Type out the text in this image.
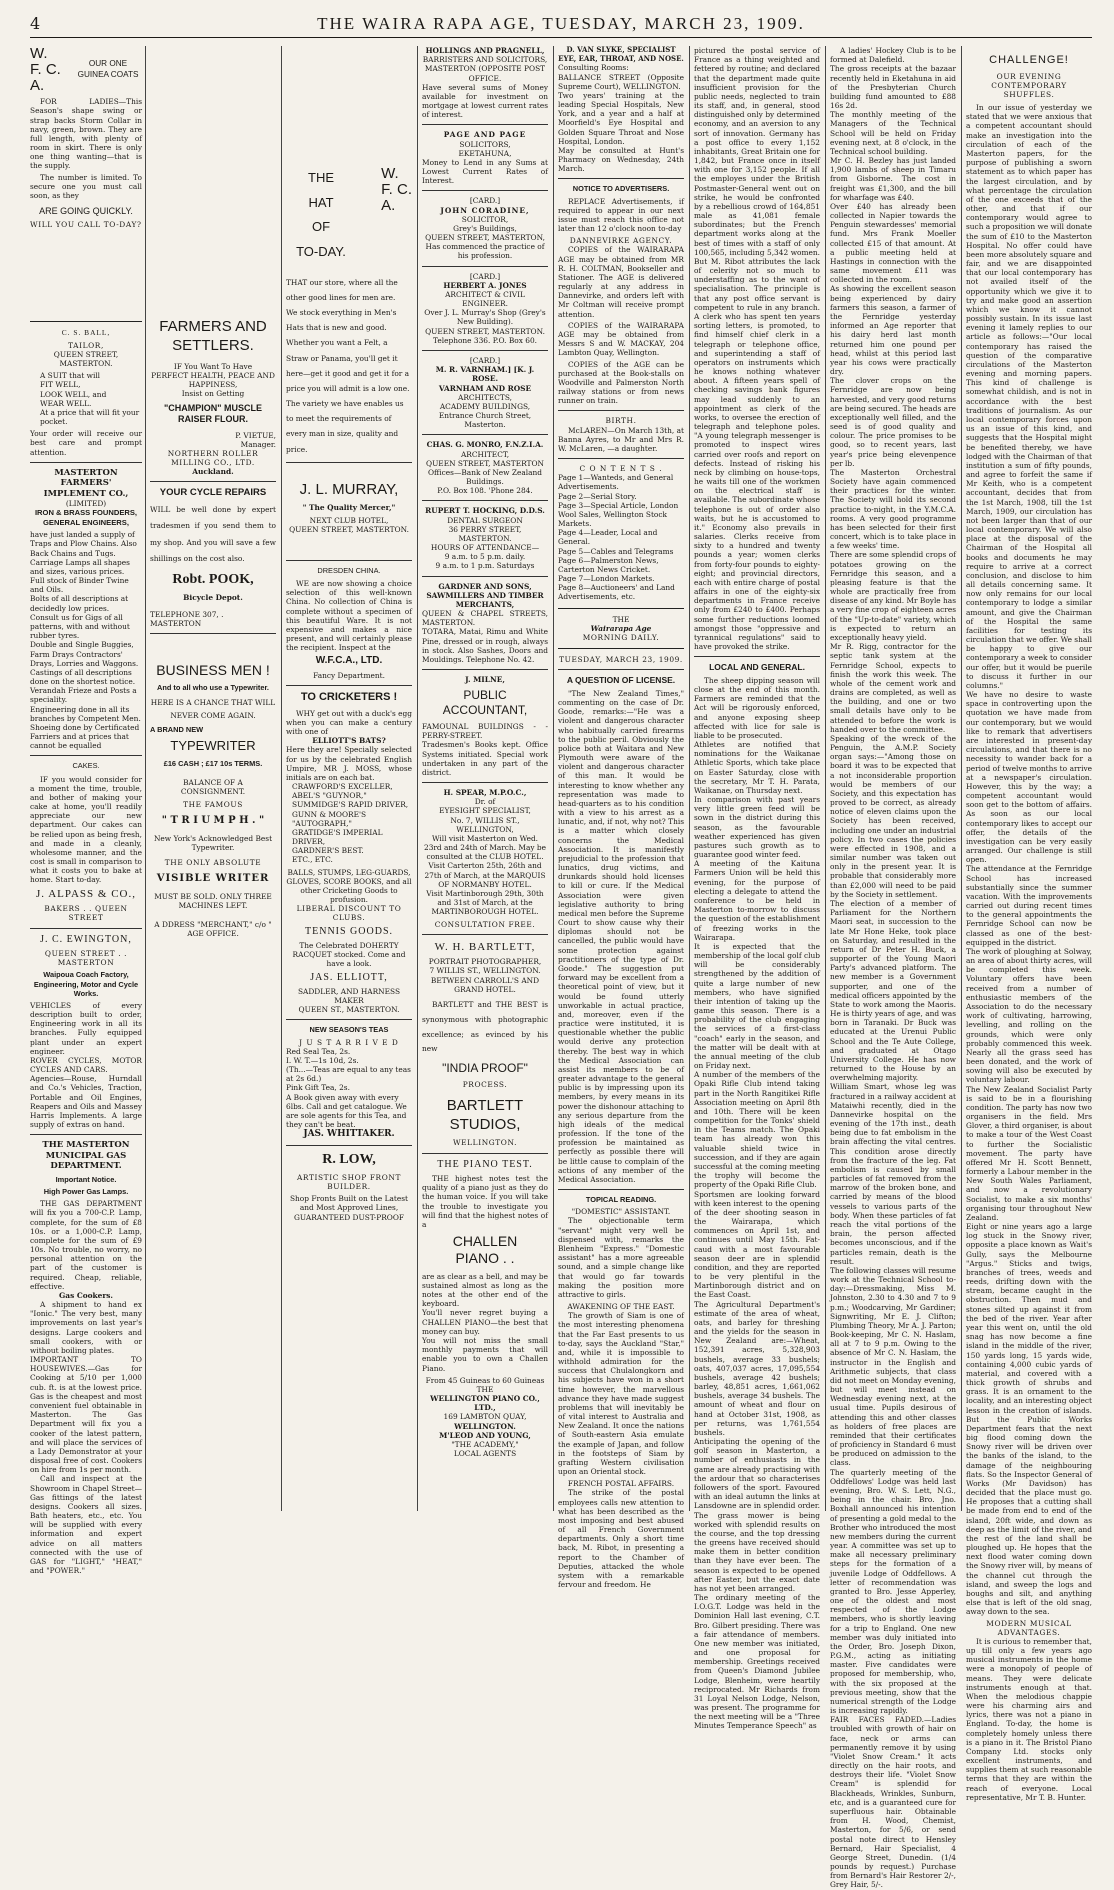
4	THE WAIRA RAPA AGE, TUESDAY, MARCH 23, 1909.
W.
F. C.
A.
OUR ONE GUINEA COATS

FOR LADIES—This Season's shape swing or strap backs Storm Collar in navy, green, brown. They are full length, with plenty of room in skirt. There is only one thing wanting—that is the supply.

The number is limited. To secure one you must call soon, as they

ARE GOING QUICKLY.
WILL YOU CALL TO-DAY?
C. S. BALL,
TAILOR,
QUEEN STREET, MASTERTON.

A SUIT that will
FIT WELL,
LOOK WELL, and
WEAR WELL.
At a price that will fit your pocket.

Your order will receive our best care and prompt attention.

MASTERTON FARMERS' IMPLEMENT CO.,
(LIMITED)
IRON & BRASS FOUNDERS,
GENERAL ENGINEERS,

have just landed a supply of Traps and Plow Chains. Also Back Chains and Tugs.
Carriage Lamps all shapes and sizes, various prices.
Full stock of Binder Twine and Oils.
Bolts of all descriptions at decidedly low prices.
Consult us for Gigs of all patterns, with and without rubber tyres.
Double and Single Buggies, Farm Drays Contractors' Drays, Lorries and Waggons.
Castings of all descriptions done on the shortest notice.
Verandah Frieze and Posts a speciality.
Engineering done in all its branches by Competent Men.
Shoeing done by Certificated Farriers and at prices that cannot be equalled

CAKES.

IF you would consider for a moment the time, trouble, and bother of making your cake at home, you'll readily appreciate our new department. Our cakes can be relied upon as being fresh, and made in a cleanly, wholesome manner, and the cost is small in comparison to what it costs you to bake at home. Start to-day.

J. ALPASS & CO.,
BAKERS . . QUEEN STREET
J. C. EWINGTON,
QUEEN STREET . . MASTERTON
Waipoua Coach Factory, Engineering, Motor and Cycle Works.

VEHICLES of every description built to order, Engineering work in all its branches. Fully equipped plant under an expert engineer.
ROVER CYCLES, MOTOR CYCLES AND CARS.
Agencies—Rouse, Hurndall and Co.'s Vehicles, Traction, Portable and Oil Engines, Reapers and Oils and Massey Harris Implements. A large supply of extras on hand.

THE MASTERTON MUNICIPAL GAS DEPARTMENT.
Important Notice.
High Power Gas Lamps.

THE GAS DEPARTMENT will fix you a 700-C.P. Lamp, complete, for the sum of £8 10s. or a 1,000-C.P. Lamp, complete for the sum of £9 10s. No trouble, no worry, no personal attention on the part of the customer is required. Cheap, reliable, effective.

Gas Cookers.

A shipment to hand ex "Ionic." The very best, many improvements on last year's designs. Large cookers and small cookers, with or without boiling plates.
IMPORTANT TO HOUSEWIVES.—Gas for Cooking at 5/10 per 1,000 cub. ft. is at the lowest price. Gas is the cheapest and most convenient fuel obtainable in Masterton. The Gas Department will fix you a cooker of the latest pattern, and will place the services of a Lady Demonstrator at your disposal free of cost. Cookers on hire from 1s per month.

Call and inspect at the Showroom in Chapel Street—Gas fittings of the latest designs. Cookers all sizes. Bath heaters, etc., etc. You will be supplied with every information and expert advice on all matters connected with the use of GAS for "LIGHT," "HEAT," and "POWER."

FARMERS AND SETTLERS.

IF You Want To Have
PERFECT HEALTH, PEACE AND HAPPINESS,
Insist on Getting

"CHAMPION" MUSCLE RAISER FLOUR.

P. VIETUE,
Manager.

NORTHERN ROLLER MILLING CO., LTD.
Auckland.
YOUR CYCLE REPAIRS

WILL be well done by expert tradesmen if you send them to my shop. And you will save a few shillings on the cost also.

Robt. POOK,
Bicycle Depot.
TELEPHONE 307, . MASTERTON
BUSINESS MEN !
And to all who use a Typewriter.

HERE IS A CHANCE THAT WILL NEVER COME AGAIN.

A BRAND NEW
TYPEWRITER
£16 CASH ; £17 10s TERMS.
BALANCE OF A CONSIGNMENT.
THE FAMOUS
" T R I U M P H . "

New York's Acknowledged Best Typewriter.

THE ONLY ABSOLUTE
VISIBLE WRITER

MUST BE SOLD. ONLY THREE MACHINES LEFT.

A DDRESS "MERCHANT," c/o " AGE OFFICE.

THE
HAT
OF
TO-DAY.
W.
F. C.
A.

THAT our store, where all the other good lines for men are.
We stock everything in Men's Hats that is new and good.
Whether you want a Felt, a Straw or Panama, you'll get it here—get it good and get it for a price you will admit is a low one.
The variety we have enables us to meet the requirements of every man in size, quality and price.

J. L. MURRAY,
" The Quality Mercer,"

NEXT CLUB HOTEL,
QUEEN STREET, MASTERTON.

DRESDEN CHINA.

WE are now showing a choice selection of this well-known China. No collection of China is complete without a specimen of this beautiful Ware. It is not expensive and makes a nice present, and will certainly please the recipient. Inspect at the

W.F.C.A., LTD.
Fancy Department.
TO CRICKETERS !

WHY get out with a duck's egg when you can make a century with one of

ELLIOTT'S BATS?

Here they are! Specially selected for us by the celebrated English Umpire, MR J. MOSS, whose initials are on each bat.

CRAWFORD'S EXCELLER,
ABEL'S "GUYNOR,"
SUMMIDGE'S RAPID DRIVER,
GUNN & MOORE'S "AUTOGRAPH,"
GRATIDGE'S IMPERIAL DRIVER,
GARDNER'S BEST.
ETC., ETC.

BALLS, STUMPS, LEG-GUARDS, GLOVES, SCORE BOOKS, and all other Cricketing Goods to profusion.

LIBERAL DISCOUNT TO CLUBS.
TENNIS GOODS.

The Celebrated DOHERTY RACQUET stocked. Come and have a look.

JAS. ELLIOTT,

SADDLER, AND HARNESS MAKER
QUEEN ST., MASTERTON.

NEW SEASON'S TEAS
J U S T A R R I V E D

Red Seal Tea, 2s.
I. W. T.—1s 10d, 2s.
(Th...—Teas are equal to any teas at 2s 6d.)
Pink Gift Tea, 2s.
A Book given away with every 6lbs. Call and get catalogue. We are sole agents for this Tea, and they can't be beat.

JAS. WHITTAKER.
R. LOW,

ARTISTIC SHOP FRONT
BUILDER.

Shop Fronts Built on the Latest and Most Approved Lines,
GUARANTEED DUST-PROOF

HOLLINGS AND PRAGNELL,

BARRISTERS AND SOLICITORS,
MASTERTON (OPPOSITE POST OFFICE.

Have several sums of Money available for investment on mortgage at lowest current rates of interest.

PAGE AND PAGE

SOLICITORS,
EKETAHUNA,

Money to Lend in any Sums at Lowest Current Rates of Interest.

[CARD.]
JOHN CORADINE,

SOLICITOR,
Grey's Buildings,
QUEEN STREET, MASTERTON,
Has commenced the practice of his profession.

[CARD.]
HERBERT A. JONES

ARCHITECT & CIVIL ENGINEER.
Over J. L. Murray's Shop (Grey's New Building).
QUEEN STREET, MASTERTON.
Telephone 336. P.O. Box 60.

[CARD.]

M. R. VARNHAM.] [K. J. ROSE.
VARNHAM AND ROSE

ARCHITECTS,
ACADEMY BUILDINGS,
Entrance Church Street, Masterton.

CHAS. G. MONRO, F.N.Z.I.A.

ARCHITECT,
QUEEN STREET, MASTERTON
Offices—Bank of New Zealand Buildings.
P.O. Box 108. 'Phone 284.

RUPERT T. HOCKING, D.D.S.

DENTAL SURGEON
36 PERRY STREET, MASTERTON.
HOURS OF ATTENDANCE—
9 a.m. to 5 p.m. daily.
9 a.m. to 1 p.m. Saturdays

GARDNER AND SONS, SAWMILLERS AND TIMBER MERCHANTS,

QUEEN & CHAPEL STREETS, MASTERTON.
TOTARA, Matai, Rimu and White Pine, dressed or in rough, always in stock. Also Sashes, Doors and Mouldings. Telephone No. 42.

J. MILNE,
PUBLIC ACCOUNTANT,

FAMOUNAL BUILDINGS - - PERRY-STREET.
Tradesmen's Books kept. Office Systems initiated. Special work undertaken in any part of the district.

H. SPEAR, M.P.O.C.,

Dr. of
EYESIGHT SPECIALIST,
No. 7, WILLIS ST., WELLINGTON,
Will visit Masterton on Wed. 23rd and 24th of March. May be consulted at the CLUB HOTEL.
Visit Carterton 25th, 26th and 27th of March, at the MARQUIS OF NORMANBY HOTEL.
Visit Martinborough 29th, 30th and 31st of March, at the MARTINBOROUGH HOTEL.

CONSULTATION FREE.
W. H. BARTLETT,

PORTRAIT PHOTOGRAPHER,
7 WILLIS ST., WELLINGTON.

BETWEEN CARROLL'S AND GRAND HOTEL.

BARTLETT and THE BEST is synonymous with photographic excellence; as evinced by his new

"INDIA PROOF"
PROCESS.

BARTLETT
STUDIOS,

WELLINGTON.
THE PIANO TEST.

THE highest notes test the quality of a piano just as they do the human voice. If you will take the trouble to investigate you will find that the highest notes of a

CHALLEN
PIANO . .

are as clear as a bell, and may be sustained almost as long as the notes at the other end of the keyboard.
You'll never regret buying a CHALLEN PIANO—the best that money can buy.
You will not miss the small monthly payments that will enable you to own a Challen Piano.

From 45 Guineas to 60 Guineas
THE
WELLINGTON PIANO CO., LTD.,
169 LAMBTON QUAY,
WELLINGTON.
M'LEOD AND YOUNG,

"THE ACADEMY,"
LOCAL AGENTS

D. VAN SLYKE, SPECIALIST EYE, EAR, THROAT, AND NOSE.

Consulting Rooms:
BALLANCE STREET (Opposite Supreme Court), WELLINGTON.
Two years' training at the leading Special Hospitals, New York, and a year and a half at Moorfield's Eye Hospital and Golden Square Throat and Nose Hospital, London.
May be consulted at Hunt's Pharmacy on Wednesday, 24th March.

NOTICE TO ADVERTISERS.

REPLACE Advertisements, if required to appear in our next issue must reach this office not later than 12 o'clock noon to-day

DANNEVIRKE AGENCY.

COPIES of the WAIRARAPA AGE may be obtained from MR R. H. COLTMAN, Bookseller and Stationer. The AGE is delivered regularly at any address in Dannevirke, and orders left with Mr Coltman will receive prompt attention.

COPIES of the WAIRARAPA AGE may be obtained from Messrs S and W. MACKAY, 204 Lambton Quay, Wellington.

COPIES of the AGE can be purchased at the Book-stalls on Woodville and Palmerston North railway stations or from news runner on train.

BIRTH.

McLAREN—On March 13th, at Banna Ayres, to Mr and Mrs R. W. McLaren, —a daughter.

C O N T E N T S .

Page 1—Wanteds, and General Advertisements.
Page 2—Serial Story.
Page 3—Special Article, London Wool Sales, Wellington Stock Markets.
Page 4—Leader, Local and General.
Page 5—Cables and Telegrams
Page 6—Palmerston News, Carterton News Cricket.
Page 7—London Markets.
Page 8—Auctioneers' and Land Advertisements, etc.

THE
Wairarapa Age
MORNING DAILY.
TUESDAY, MARCH 23, 1909.
A QUESTION OF LICENSE.

"The New Zealand Times," commenting on the case of Dr. Goode, remarks:—"He was a violent and dangerous character who habitually carried firearms to the public peril. Obviously the police both at Waitara and New Plymouth were aware of the violent and dangerous character of this man. It would be interesting to know whether any representation was made to head-quarters as to his condition with a view to his arrest as a lunatic, and, if not, why not? This is a matter which closely concerns the Medical Association. It is manifestly prejudicial to the profession that lunatics, drug victims, and drunkards should hold licenses to kill or cure. If the Medical Association were given legislative authority to bring medical men before the Supreme Court to show cause why their diplomas should not be cancelled, the public would have some protection against practitioners of the type of Dr. Goode." The suggestion put forward may be excellent from a theoretical point of view, but it would be found utterly unworkable in actual practice, and, moreover, even if the practice were instituted, it is questionable whether the public would derive any protection thereby. The best way in which the Medical Association can assist its members to be of greater advantage to the general public is by impressing upon its members, by every means in its power the dishonour attaching to any serious departure from the high ideals of the medical profession. If the tone of the profession be maintained as perfectly as possible there will be little cause to complain of the actions of any member of the Medical Association.

TOPICAL READING.
"DOMESTIC" ASSISTANT.

The objectionable term "servant" might very well be dispensed with, remarks the Blenheim "Express." "Domestic assistant" has a more agreeable sound, and a simple change like that would go far towards making the position more attractive to girls.

AWAKENING OF THE EAST.

The growth of Siam is one of the most interesting phenomena that the Far East presents to us to-day, says the Auckland "Star," and, while it is impossible to withhold admiration for the success that Chulalongkorn and his subjects have won in a short time however, the marvellous advance they have made suggest problems that will inevitably be of vital interest to Australia and New Zealand. It once the nations of South-eastern Asia emulate the example of Japan, and follow in the footsteps of Siam by grafting Western civilisation upon an Oriental stock.

FRENCH POSTAL AFFAIRS.

The strike of the postal employees calls new attention to what has been described as the most imposing and best abused of all French Government departments. Only a short time back, M. Ribot, in presenting a report to the Chamber of Deputies, attacked the whole system with a remarkable fervour and freedom. He

pictured the postal service of France as a thing weighted and fettered by routine; and declared that the department made quite insufficient provision for the public needs, neglected to train its staff, and, in general, stood distinguished only by determined economy, and an aversion to any sort of innovation. Germany has a post office to every 1,152 inhabitants, Great Britain one for 1,842, but France once in itself with one for 3,152 people. If all the employes under the British Postmaster-General went out on strike, he would be confronted by a rebellious crowd of 164,851 male as 41,081 female subordinates; but the French department works along at the best of times with a staff of only 100,565, including 5,342 women. But M. Ribot attributes the lack of celerity not so much to understaffing as to the want of specialisation. The principle is that any post office servant is competent to rule in any branch. A clerk who has spent ten years sorting letters, is promoted, to find himself chief clerk in a telegraph or telephone office, and superintending a staff of operators on instruments which he knows nothing whatever about. A fifteen years spell of checking savings bank figures may lead suddenly to an appointment as clerk of the works, to oversee the erection of telegraph and telephone poles. "A young telegraph messenger is promoted to inspect wires carried over roofs and report on defects. Instead of risking his neck by climbing on house-tops, he waits till one of the workmen on the electrical staff is available. The subordinate whose telephone is out of order also waits, but he is accustomed to it." Economy also prevails in salaries. Clerks receive from sixty to a hundred and twenty pounds a year; women clerks from forty-four pounds to eighty-eight; and provincial directors, each with entire charge of postal affairs in one of the eighty-six departments in France receive only from £240 to £400. Perhaps some further reductions loomed amongst those "oppressive and tyrannical regulations" said to have provoked the strike.

LOCAL AND GENERAL.

The sheep dipping season will close at the end of this month. Farmers are reminded that the Act will be rigorously enforced, and anyone exposing sheep affected with lice for sale is liable to be prosecuted.
Athletes are notified that nominations for the Waikanae Athletic Sports, which take place on Easter Saturday, close with the secretary, Mr T. H. Parata, Waikanae, on Thursday next.
In comparison with past years very little green feed will be sown in the district during this season, as the favourable weather experienced has given pastures such growth as to guarantee good winter feed.
A meeting of the Kaituna Farmers Union will be held this evening, for the purpose of electing a delegate to attend the conference to be held in Masterton to-morrow to discuss the question of the establishment of freezing works in the Wairarapa.
It is expected that the membership of the local golf club will be considerably strengthened by the addition of quite a large number of new members, who have signified their intention of taking up the game this season. There is a probability of the club engaging the services of a first-class "coach" early in the season, and the matter will be dealt with at the annual meeting of the club on Friday next.
A number of the members of the Opaki Rifle Club intend taking part in the North Rangitikei Rifle Association meeting on April 8th and 10th. There will be keen competition for the Tonks' shield in the Teams match. The Opaki team has already won this valuable shield twice in succession, and if they are again successful at the coming meeting the trophy will become the property of the Opaki Rifle Club.
Sportsmen are looking forward with keen interest to the opening of the deer shooting season in the Wairarapa, which commences on April 1st, and continues until May 15th. Fat-caud with a most favourable season deer are in splendid condition, and they are reported to be very plentiful in the Martinborough district and on the East Coast.
The Agricultural Department's estimate of the area of wheat, oats, and barley for threshing and the yields for the season in New Zealand are:—Wheat, 152,391 acres, 5,328,903 bushels, average 33 bushels; oats, 407,037 acres, 17,095,554 bushels, average 42 bushels; barley, 48,851 acres, 1,661,062 bushels, average 34 bushels. The amount of wheat and flour on hand at October 31st, 1908, as per returns, was 1,761,554 bushels.
Anticipating the opening of the golf season in Masterton, a number of enthusiasts in the game are already practising with the ardour that so characterises followers of the sport. Favoured with an ideal autumn the links at Lansdowne are in splendid order. The grass mower is being worked with splendid results on the course, and the top dressing the greens have received should make them in better condition than they have ever been. The season is expected to be opened after Easter, but the exact date has not yet been arranged.
The ordinary meeting of the I.O.G.T. Lodge was held in the Dominion Hall last evening, C.T. Bro. Gilbert presiding. There was a fair attendance of members. One new member was initiated, and one proposal for membership. Greetings received from Queen's Diamond Jubilee Lodge, Blenheim, were heartily reciprocated. Mr Richards from 31 Loyal Nelson Lodge, Nelson, was present. The programme for the next meeting will be a "Three Minutes Temperance Speech" as

A ladies' Hockey Club is to be formed at Dalefield.
The gross receipts at the bazaar recently held in Eketahuna in aid of the Presbyterian Church building fund amounted to £88 16s 2d.
The monthly meeting of the Managers of the Technical School will be held on Friday evening next, at 8 o'clock, in the Technical school building.
Mr C. H. Bezley has just landed 1,900 lambs of sheep in Timaru from Gisborne. The cost in freight was £1,300, and the bill for wharfage was £40.
Over £40 has already been collected in Napier towards the Penguin stewardesses' memorial fund. Mrs Frank Moeller collected £15 of that amount. At a public meeting held at Hastings in connection with the same movement £11 was collected in the room.
As showing the excellent season being experienced by dairy farmers this season, a farmer of the Fernridge yesterday informed an Age reporter that his dairy herd last month returned him one pound per head, whilst at this period last year his cows were practically dry.
The clover crops on the Fernridge are now being harvested, and very good returns are being secured. The heads are exceptionally well filled, and the seed is of good quality and colour. The price promises to be good, so to recent years, last year's price being elevenpence per lb.
The Masterton Orchestral Society have again commenced their practices for the winter. The Society will hold its second practice to-night, in the Y.M.C.A. rooms. A very good programme has been selected for their first concert, which is to take place in a few weeks' time.
There are some splendid crops of potatoes growing on the Fernridge this season, and a pleasing feature is that the whole are practically free from disease of any kind. Mr Boyle has a very fine crop of eighteen acres of the "Up-to-date" variety, which is expected to return an exceptionally heavy yield.
Mr R. Rigg, contractor for the septic tank system at the Fernridge School, expects to finish the work this week. The whole of the cement work and drains are completed, as well as the building, and one or two small details have only to be attended to before the work is handed over to the committee.
Speaking of the wreck of the Penguin, the A.M.P. Society organ says:—"Among those on board it was to be expected that a not inconsiderable proportion would be members of our Society, and this expectation has proved to be correct, as already notice of eleven claims upon the Society has been received, including one under an industrial policy. In two cases the policies were effected in 1908, and a similar number was taken out only in the present year. It is probable that considerably more than £2,000 will need to be paid by the Society in settlement.
The election of a member of Parliament for the Northern Maori seat, in succession to the late Mr Hone Heke, took place on Saturday, and resulted in the return of Dr Peter H. Buck, a supporter of the Young Maori Party's advanced platform. The new member is a Government supporter, and one of the medical officers appointed by the State to work among the Maoris. He is thirty years of age, and was born in Taranaki. Dr Buck was educated at the Urenui Public School and the Te Aute College, and graduated at Otago University College. He has now returned to the House by an overwhelming majority.
William Smart, whose leg was fractured in a railway accident at Mataiwhi recently, died in the Dannevirke hospital on the evening of the 17th inst., death being due to fat embolism in the brain affecting the vital centres. This condition arose directly from the fracture of the leg. Fat embolism is caused by small particles of fat removed from the marrow of the broken bone, and carried by means of the blood vessels to various parts of the body. When these particles of fat reach the vital portions of the brain, the person affected becomes unconscious, and if the particles remain, death is the result.
The following classes will resume work at the Technical School to-day:—Dressmaking, Miss M. Johnston, 2.30 to 4.30 and 7 to 9 p.m.; Woodcarving, Mr Gardiner; Signwriting, Mr E. J. Clifton; Plumbing Theory, Mr A. J. Parton; Book-keeping, Mr C. N. Haslam, all at 7 to 9 p.m. Owing to the absence of Mr C. N. Haslam, the instructor in the English and Arithmetic subjects, that class did not meet on Monday evening, but will meet instead on Wednesday evening next, at the usual time. Pupils desirous of attending this and other classes as holders of free places are reminded that their certificates of proficiency in Standard 6 must be produced on admission to the class.
The quarterly meeting of the Oddfellows' Lodge was held last evening, Bro. W. S. Lett, N.G., being in the chair. Bro. Jno. Boxhall announced his intention of presenting a gold medal to the Brother who introduced the most new members during the current year. A committee was set up to make all necessary preliminary steps for the formation of a juvenile Lodge of Oddfellows. A letter of recommendation was granted to Bro. Jesse Apperley, one of the oldest and most respected of the Lodge members, who is shortly leaving for a trip to England. One new member was duly initiated into the Order, Bro. Joseph Dixon, P.G.M., acting as initiating master. Five candidates were proposed for membership, who, with the six proposed at the previous meeting, show that the numerical strength of the Lodge is increasing rapidly.
FAIR FACES FADED.—Ladies troubled with growth of hair on face, neck or arms can permanently remove it by using "Violet Snow Cream." It acts directly on the hair roots, and destroys their life. "Violet Snow Cream" is splendid for Blackheads, Wrinkles, Sunburn, etc, and is a guaranteed cure for superfluous hair. Obtainable from H. Wood, Chemist, Masterton, for 5/6, or send postal note direct to Hensley Bernard, Hair Specialist, 4 George Street, Dunedin. (1/4 pounds by request.) Purchase from Bernard's Hair Restorer 2/-, Grey Hair, 5/-.

CHALLENGE!
OUR EVENING CONTEMPORARY SHUFFLES.

In our issue of yesterday we stated that we were anxious that a competent accountant should make an investigation into the circulation of each of the Masterton papers, for the purpose of publishing a sworn statement as to which paper has the largest circulation, and by what percentage the circulation of the one exceeds that of the other, and that if our contemporary would agree to such a proposition we will donate the sum of £10 to the Masterton Hospital. No offer could have been more absolutely square and fair, and we are disappointed that our local contemporary has not availed itself of the opportunity which we give it to try and make good an assertion which we know it cannot possibly sustain. In its issue last evening it lamely replies to our article as follows:—"Our local contemporary has raised the question of the comparative circulations of the Masterton evening and morning papers. This kind of challenge is somewhat childish, and is not in accordance with the best traditions of journalism. As our local contemporary forces upon us an issue of this kind, and suggests that the Hospital might be benefited thereby, we have lodged with the Chairman of that institution a sum of fifty pounds, and agree to forfeit the same if Mr Keith, who is a competent accountant, decides that from the 1st March, 1908, till the 1st March, 1909, our circulation has not been larger than that of our local contemporary. We will also place at the disposal of the Chairman of the Hospital all books and documents he may require to arrive at a correct conclusion, and disclose to him all details concerning same. It now only remains for our local contemporary to lodge a similar amount, and give the Chairman of the Hospital the same facilities for testing its circulation that we offer. We shall be happy to give our contemporary a week to consider our offer, but it would be puerile to discuss it further in our columns."
We have no desire to waste space in controverting upon the quotation we have made from our contemporary, but we would like to remark that advertisers are interested in present-day circulations, and that there is no necessity to wander back for a period of twelve months to arrive at a newspaper's circulation. However, this by the way; a competent accountant would soon get to the bottom of affairs. As soon as our local contemporary likes to accept our offer, the details of the investigation can be very easily arranged. Our challenge is still open.
The attendance at the Fernridge School has increased substantially since the summer vacation. With the improvements carried out during recent times to the general appointments the Fernridge School can now be classed as one of the best-equipped in the district.
The work of ploughing at Solway, an area of about thirty acres, will be completed this week. Voluntary offers have been received from a number of enthusiastic members of the Association to do the necessary work of cultivating, harrowing, levelling, and rolling on the grounds, which were only probably commenced this week. Nearly all the grass seed has been donated, and the work of sowing will also be executed by voluntary labour.
The New Zealand Socialist Party is said to be in a flourishing condition. The party has now two organisers in the field. Mrs Glover, a third organiser, is about to make a tour of the West Coast to further the Socialistic movement. The party have offered Mr H. Scott Bennett, formerly a Labour member in the New South Wales Parliament, and now a revolutionary Socialist, to make a six months' organising tour throughout New Zealand.
Eight or nine years ago a large log stuck in the Snowy river, opposite a place known as Wait's Gully, says the Melbourne "Argus." Sticks and twigs, branches of trees, weeds and reeds, drifting down with the stream, became caught in the obstruction. Then mud and stones silted up against it from the bed of the river. Year after year this went on, until the old snag has now become a fine island in the middle of the river, 150 yards long, 15 yards wide, containing 4,000 cubic yards of material, and covered with a thick growth of shrubs and grass. It is an ornament to the locality, and an interesting object lesson in the creation of islands. But the Public Works Department fears that the next big flood coming down the Snowy river will be driven over the banks of the island, to the damage of the neighbouring flats. So the Inspector General of Works (Mr Davidson) has decided that the place must go. He proposes that a cutting shall be made from end to end of the island, 20ft wide, and down as deep as the limit of the river, and the rest of the land shall be ploughed up. He hopes that the next flood water coming down the Snowy river will, by means of the channel cut through the island, and sweep the logs and boughs and silt, and anything else that is left of the old snag, away down to the sea.

MODERN MUSICAL ADVANTAGES.

It is curious to remember that, up till only a few years ago musical instruments in the home were a monopoly of people of means. They were delicate instruments enough at that. When the melodious chappie were his charming airs and lyrics, there was not a piano in England. To-day, the home is completely homely unless there is a piano in it. The Bristol Piano Company Ltd. stocks only excellent instruments, and supplies them at such reasonable terms that they are within the reach of everyone. Local representative, Mr T. B. Hunter.
